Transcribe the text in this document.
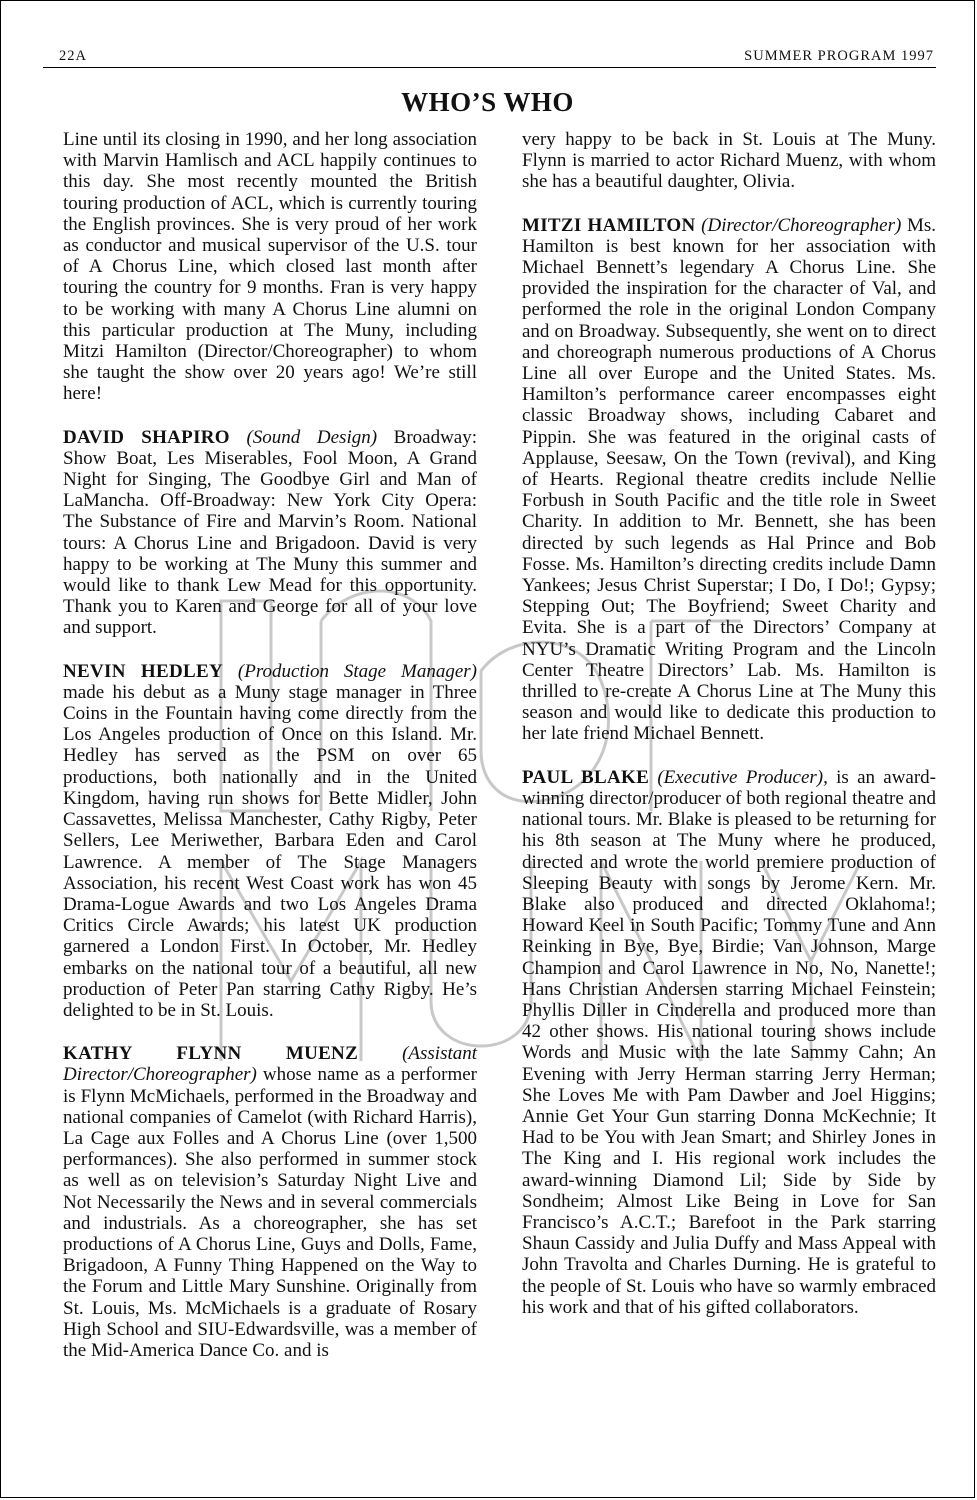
22A	SUMMER PROGRAM 1997
WHO’S WHO

Line until its closing in 1990, and her long association with Marvin Hamlisch and ACL happily continues to this day. She most recently mounted the British touring production of ACL, which is currently touring the English provinces. She is very proud of her work as conductor and musical supervisor of the U.S. tour of A Chorus Line, which closed last month after touring the country for 9 months. Fran is very happy to be working with many A Chorus Line alumni on this particular production at The Muny, including Mitzi Hamilton (Director/Choreographer) to whom she taught the show over 20 years ago! We’re still here!

DAVID SHAPIRO (Sound Design) Broadway: Show Boat, Les Miserables, Fool Moon, A Grand Night for Singing, The Goodbye Girl and Man of LaMancha. Off-Broadway: New York City Opera: The Substance of Fire and Marvin’s Room. National tours: A Chorus Line and Brigadoon. David is very happy to be working at The Muny this summer and would like to thank Lew Mead for this opportunity. Thank you to Karen and George for all of your love and support.

NEVIN HEDLEY (Production Stage Manager) made his debut as a Muny stage manager in Three Coins in the Fountain having come directly from the Los Angeles production of Once on this Island. Mr. Hedley has served as the PSM on over 65 productions, both nationally and in the United Kingdom, having run shows for Bette Midler, John Cassavettes, Melissa Manchester, Cathy Rigby, Peter Sellers, Lee Meriwether, Barbara Eden and Carol Lawrence. A member of The Stage Managers Association, his recent West Coast work has won 45 Drama-Logue Awards and two Los Angeles Drama Critics Circle Awards; his latest UK production garnered a London First. In October, Mr. Hedley embarks on the national tour of a beautiful, all new production of Peter Pan starring Cathy Rigby. He’s delighted to be in St. Louis.

KATHY FLYNN MUENZ (Assistant Director/Choreographer) whose name as a performer is Flynn McMichaels, performed in the Broadway and national companies of Camelot (with Richard Harris), La Cage aux Folles and A Chorus Line (over 1,500 performances). She also performed in summer stock as well as on television’s Saturday Night Live and Not Necessarily the News and in several commercials and industrials. As a choreographer, she has set productions of A Chorus Line, Guys and Dolls, Fame, Brigadoon, A Funny Thing Happened on the Way to the Forum and Little Mary Sunshine. Originally from St. Louis, Ms. McMichaels is a graduate of Rosary High School and SIU-Edwardsville, was a member of the Mid-America Dance Co. and is

very happy to be back in St. Louis at The Muny. Flynn is married to actor Richard Muenz, with whom she has a beautiful daughter, Olivia.

MITZI HAMILTON (Director/Choreographer) Ms. Hamilton is best known for her association with Michael Bennett’s legendary A Chorus Line. She provided the inspiration for the character of Val, and performed the role in the original London Company and on Broadway. Subsequently, she went on to direct and choreograph numerous productions of A Chorus Line all over Europe and the United States. Ms. Hamilton’s performance career encompasses eight classic Broadway shows, including Cabaret and Pippin. She was featured in the original casts of Applause, Seesaw, On the Town (revival), and King of Hearts. Regional theatre credits include Nellie Forbush in South Pacific and the title role in Sweet Charity. In addition to Mr. Bennett, she has been directed by such legends as Hal Prince and Bob Fosse. Ms. Hamilton’s directing credits include Damn Yankees; Jesus Christ Superstar; I Do, I Do!; Gypsy; Stepping Out; The Boyfriend; Sweet Charity and Evita. She is a part of the Directors’ Company at NYU’s Dramatic Writing Program and the Lincoln Center Theatre Directors’ Lab. Ms. Hamilton is thrilled to re-create A Chorus Line at The Muny this season and would like to dedicate this production to her late friend Michael Bennett.

PAUL BLAKE (Executive Producer), is an award-winning director/producer of both regional theatre and national tours. Mr. Blake is pleased to be returning for his 8th season at The Muny where he produced, directed and wrote the world premiere production of Sleeping Beauty with songs by Jerome Kern. Mr. Blake also produced and directed Oklahoma!; Howard Keel in South Pacific; Tommy Tune and Ann Reinking in Bye, Bye, Birdie; Van Johnson, Marge Champion and Carol Lawrence in No, No, Nanette!; Hans Christian Andersen starring Michael Feinstein; Phyllis Diller in Cinderella and produced more than 42 other shows. His national touring shows include Words and Music with the late Sammy Cahn; An Evening with Jerry Herman starring Jerry Herman; She Loves Me with Pam Dawber and Joel Higgins; Annie Get Your Gun starring Donna McKechnie; It Had to be You with Jean Smart; and Shirley Jones in The King and I. His regional work includes the award-winning Diamond Lil; Side by Side by Sondheim; Almost Like Being in Love for San Francisco’s A.C.T.; Barefoot in the Park starring Shaun Cassidy and Julia Duffy and Mass Appeal with John Travolta and Charles Durning. He is grateful to the people of St. Louis who have so warmly embraced his work and that of his gifted collaborators.
